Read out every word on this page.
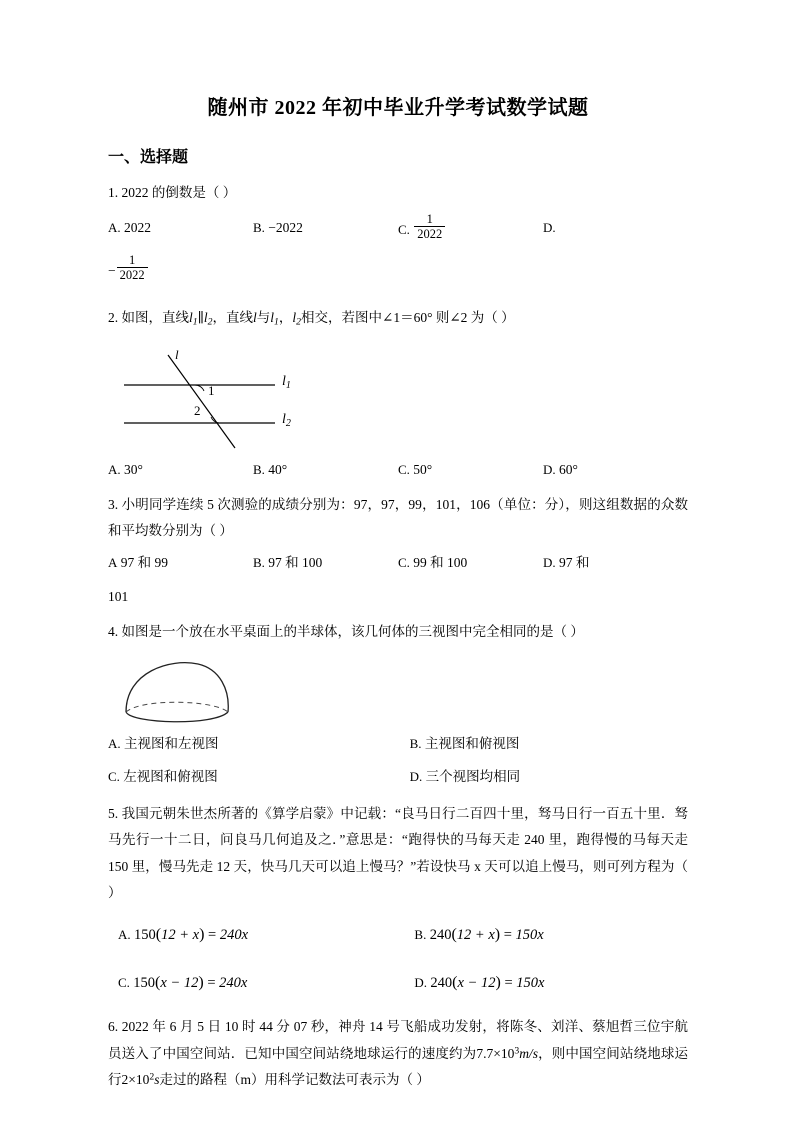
随州市 2022 年初中毕业升学考试数学试题
一、选择题
1. 2022 的倒数是（ ）
A. 2022	B. −2022	C. $\frac{1}{2022}$	D.
− $\frac{1}{2022}$
2. 如图，直线$l_1\parallel l_2$，直线l与$l_1$，$l_2$相交，若图中∠1＝60° 则∠2 为（ ）
l
1
2
$l_1$
$l_2$
A. 30°	B. 40°	C. 50°	D. 60°
3. 小明同学连续 5 次测验的成绩分别为：97，97，99，101，106（单位：分），则这组数据的众数和平均数分别为（ ）
A 97 和 99	B. 97 和 100	C. 99 和 100	D. 97 和
101
4. 如图是一个放在水平桌面上的半球体，该几何体的三视图中完全相同的是（ ）
A. 主视图和左视图	B. 主视图和俯视图
C. 左视图和俯视图	D. 三个视图均相同
5. 我国元朝朱世杰所著的《算学启蒙》中记载：“良马日行二百四十里，驽马日行一百五十里．驽马先行一十二日，问良马几何追及之．”意思是：“跑得快的马每天走 240 里，跑得慢的马每天走 150 里，慢马先走 12 天，快马几天可以追上慢马？”若设快马 x 天可以追上慢马，则可列方程为（ ）
A. 150(12 + x) = 240x	B. 240(12 + x) = 150x
C. 150(x − 12) = 240x	D. 240(x − 12) = 150x
6. 2022 年 6 月 5 日 10 时 44 分 07 秒，神舟 14 号飞船成功发射，将陈冬、刘洋、蔡旭哲三位宇航员送入了中国空间站．已知中国空间站绕地球运行的速度约为$7.7\times 10^3m/s$，则中国空间站绕地球运行$2\times 10^2s$走过的路程（m）用科学记数法可表示为（ ）
